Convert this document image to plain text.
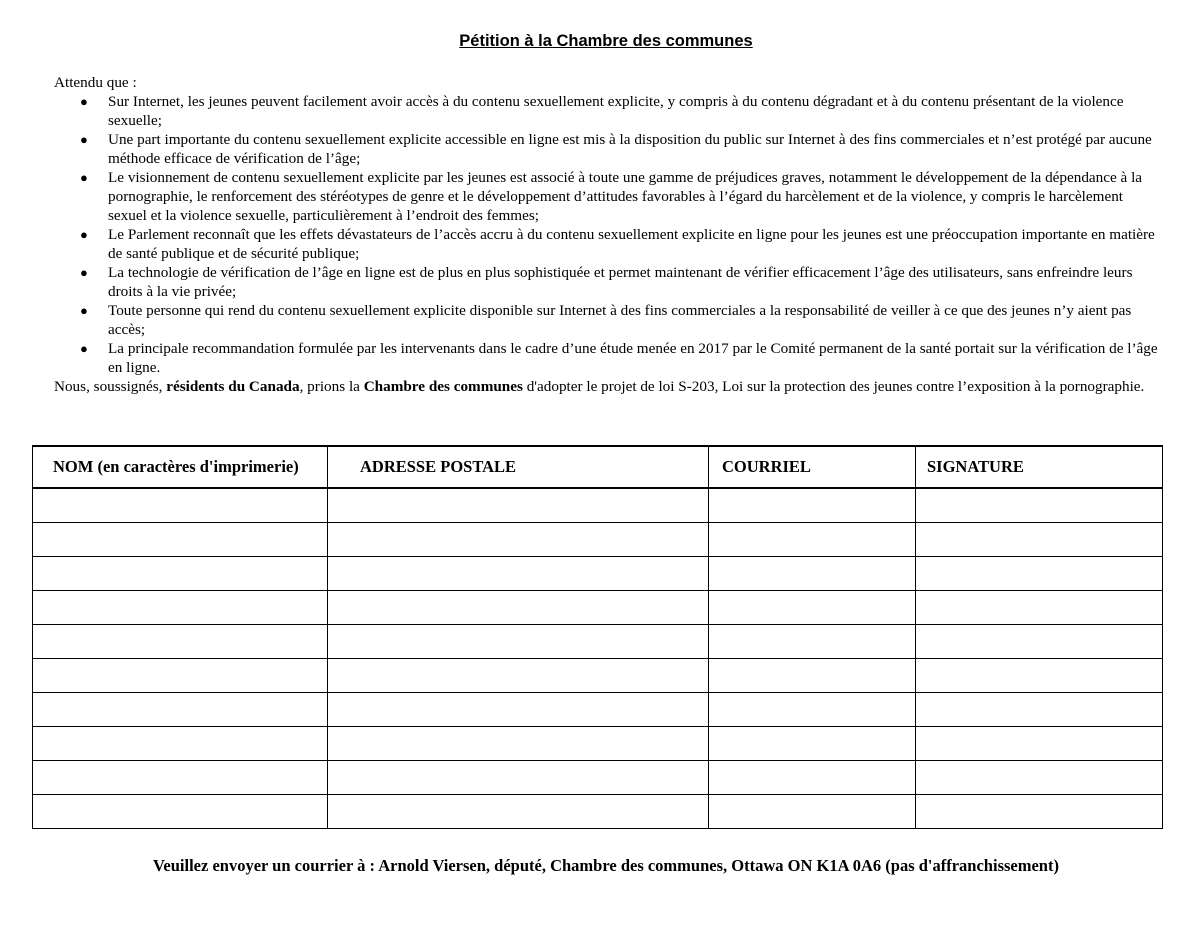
Pétition à la Chambre des communes
Attendu que :
● Sur Internet, les jeunes peuvent facilement avoir accès à du contenu sexuellement explicite, y compris à du contenu dégradant et à du contenu présentant de la violence sexuelle;
● Une part importante du contenu sexuellement explicite accessible en ligne est mis à la disposition du public sur Internet à des fins commerciales et n’est protégé par aucune méthode efficace de vérification de l’âge;
● Le visionnement de contenu sexuellement explicite par les jeunes est associé à toute une gamme de préjudices graves, notamment le développement de la dépendance à la pornographie, le renforcement des stéréotypes de genre et le développement d’attitudes favorables à l’égard du harcèlement et de la violence, y compris le harcèlement sexuel et la violence sexuelle, particulièrement à l’endroit des femmes;
● Le Parlement reconnaît que les effets dévastateurs de l’accès accru à du contenu sexuellement explicite en ligne pour les jeunes est une préoccupation importante en matière de santé publique et de sécurité publique;
● La technologie de vérification de l’âge en ligne est de plus en plus sophistiquée et permet maintenant de vérifier efficacement l’âge des utilisateurs, sans enfreindre leurs droits à la vie privée;
● Toute personne qui rend du contenu sexuellement explicite disponible sur Internet à des fins commerciales a la responsabilité de veiller à ce que des jeunes n’y aient pas accès;
● La principale recommandation formulée par les intervenants dans le cadre d’une étude menée en 2017 par le Comité permanent de la santé portait sur la vérification de l’âge en ligne.
Nous, soussignés, résidents du Canada, prions la Chambre des communes d'adopter le projet de loi S-203, Loi sur la protection des jeunes contre l’exposition à la pornographie.
NOM (en caractères d'imprimerie)	ADRESSE POSTALE	COURRIEL	SIGNATURE

Veuillez envoyer un courrier à : Arnold Viersen, député, Chambre des communes, Ottawa ON K1A 0A6 (pas d'affranchissement)
